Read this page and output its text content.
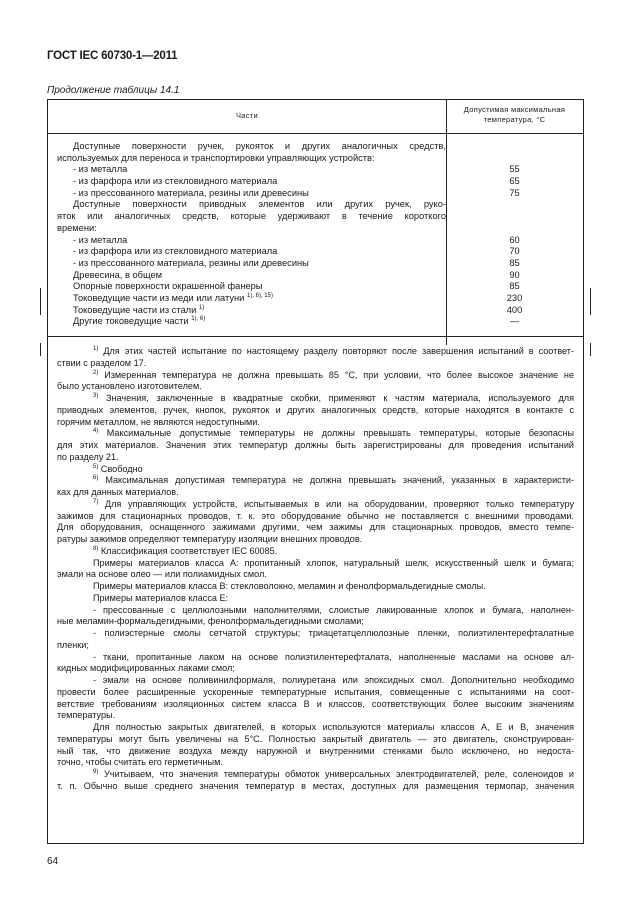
ГОСТ IEC 60730-1—2011
Продолжение таблицы 14.1
Части
Допустимая максимальная
температура, °C
Доступные поверхности ручек, рукояток и других аналогичных средств,
используемых для переноса и транспортировки управляющих устройств:
- из металла	55
- из фарфора или из стекловидного материала	65
- из прессованного материала, резины или древесины	75
Доступные поверхности приводных элементов или других ручек, руко-
яток или аналогичных средств, которые удерживают в течение короткого
времени:
- из металла	60
- из фарфора или из стекловидного материала	70
- из прессованного материала, резины или древесины	85
Древесина, в общем	90
Опорные поверхности окрашенной фанеры	85
Токоведущие части из меди или латуни $^{1), 6), 15)}$	230
Токоведущие части из стали $^{1)}$	400
Другие токоведущие части $^{1), 6)}$	—
$^{1)}$ Для этих частей испытание по настоящему разделу повторяют после завершения испытаний в соответ-
ствии с разделом 17.
$^{2)}$ Измеренная температура не должна превышать 85 °С, при условии, что более высокое значение не
было установлено изготовителем.
$^{3)}$ Значения, заключенные в квадратные скобки, применяют к частям материала, используемого для
приводных элементов, ручек, кнопок, рукояток и других аналогичных средств, которые находятся в контакте с
горячим металлом, не являются недоступными.
$^{4)}$ Максимальные допустимые температуры не должны превышать температуры, которые безопасны
для этих материалов. Значения этих температур должны быть зарегистрированы для проведения испытаний
по разделу 21.
$^{5)}$ Свободно
$^{6)}$ Максимальная допустимая температура не должна превышать значений, указанных в характеристи-
ках для данных материалов.
$^{7)}$ Для управляющих устройств, испытываемых в или на оборудовании, проверяют только температуру
зажимов для стационарных проводов, т. к. это оборудование обычно не поставляется с внешними проводами.
Для оборудования, оснащенного зажимами другими, чем зажимы для стационарных проводов, вместо темпе-
ратуры зажимов определяют температуру изоляции внешних проводов.
$^{8)}$ Классификация соответствует IEC 60085.
Примеры материалов класса А: пропитанный хлопок, натуральный шелк, искусственный шелк и бумага;
эмали на основе олео — или полиамидных смол.
Примеры материалов класса В: стекловолокно, меламин и фенолформальдегидные смолы.
Примеры материалов класса Е:
- прессованные с целлюлозными наполнителями, слоистые лакированные хлопок и бумага, наполнен-
ные меламин-формальдегидными, фенолформальдегидными смолами;
- полиэстерные смолы сетчатой структуры; триацетатцеллюлозные пленки, полиэтилентерефталатные
пленки;
- ткани, пропитанные лаком на основе полиэтилентерефталата, наполненные маслами на основе ал-
кидных модифицированных лаками смол;
- эмали на основе поливинилформаля, полиуретана или эпоксидных смол. Дополнительно необходимо
провести более расширенные ускоренные температурные испытания, совмещенные с испытаниями на соот-
ветствие требованиям изоляционных систем класса В и классов, соответствующих более высоким значениям
температуры.
Для полностью закрытых двигателей, в которых используются материалы классов А, Е и В, значения
температуры могут быть увеличены на 5°С. Полностью закрытый двигатель — это двигатель, сконструирован-
ный так, что движение воздуха между наружной и внутренними стенками было исключено, но недоста-
точно, чтобы считать его герметичным.
$^{9)}$ Учитываем, что значения температуры обмоток универсальных электродвигателей, реле, соленоидов и
т. п. Обычно выше среднего значения температур в местах, доступных для размещения термопар, значения
64
